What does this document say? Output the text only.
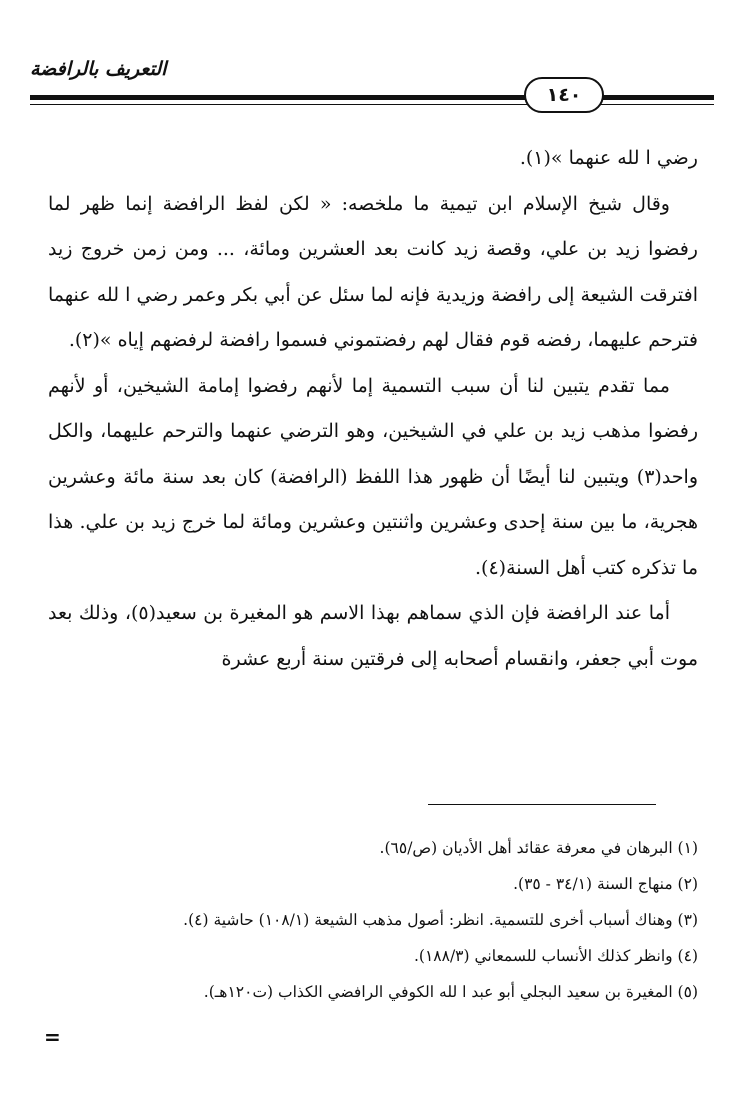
التعريف بالرافضة
١٤٠

رضي ا لله عنهما »(١).

وقال شيخ الإسلام ابن تيمية ما ملخصه: « لكن لفظ الرافضة إنما ظهر لما رفضوا زيد بن علي، وقصة زيد كانت بعد العشرين ومائة، ... ومن زمن خروج زيد افترقت الشيعة إلى رافضة وزيدية فإنه لما سئل عن أبي بكر وعمر رضي ا لله عنهما فترحم عليهما، رفضه قوم فقال لهم رفضتموني فسموا رافضة لرفضهم إياه »(٢).

مما تقدم يتبين لنا أن سبب التسمية إما لأنهم رفضوا إمامة الشيخين، أو لأنهم رفضوا مذهب زيد بن علي في الشيخين، وهو الترضي عنهما والترحم عليهما، والكل واحد(٣) ويتبين لنا أيضًا أن ظهور هذا اللفظ (الرافضة) كان بعد سنة مائة وعشرين هجرية، ما بين سنة إحدى وعشرين واثنتين وعشرين ومائة لما خرج زيد بن علي. هذا ما تذكره كتب أهل السنة(٤).

أما عند الرافضة فإن الذي سماهم بهذا الاسم هو المغيرة بن سعيد(٥)، وذلك بعد موت أبي جعفر، وانقسام أصحابه إلى فرقتين سنة أربع عشرة

(١) البرهان في معرفة عقائد أهل الأديان (ص/٦٥).
(٢) منهاج السنة (٣٤/١ - ٣٥).
(٣) وهناك أسباب أخرى للتسمية. انظر: أصول مذهب الشيعة (١٠٨/١) حاشية (٤).
(٤) وانظر كذلك الأنساب للسمعاني (١٨٨/٣).
(٥) المغيرة بن سعيد البجلي أبو عبد ا لله الكوفي الرافضي الكذاب (ت١٢٠هـ).
=
